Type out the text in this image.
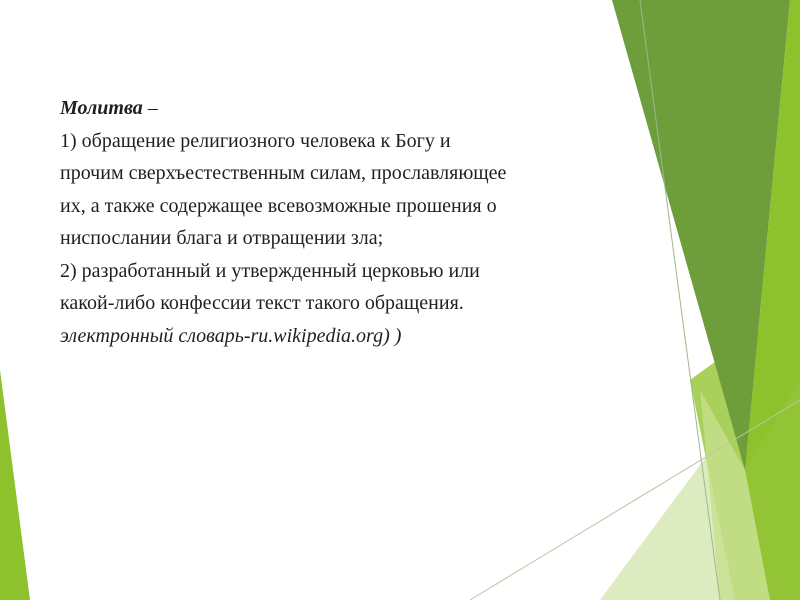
Молитва –
1) обращение религиозного человека к Богу и
прочим сверхъестественным силам, прославляющее
их, а также содержащее всевозможные прошения о
ниспослании блага и отвращении зла;
2) разработанный и утвержденный церковью или
какой-либо конфессии текст такого обращения.
электронный словарь-ru.wikipedia.org) )
